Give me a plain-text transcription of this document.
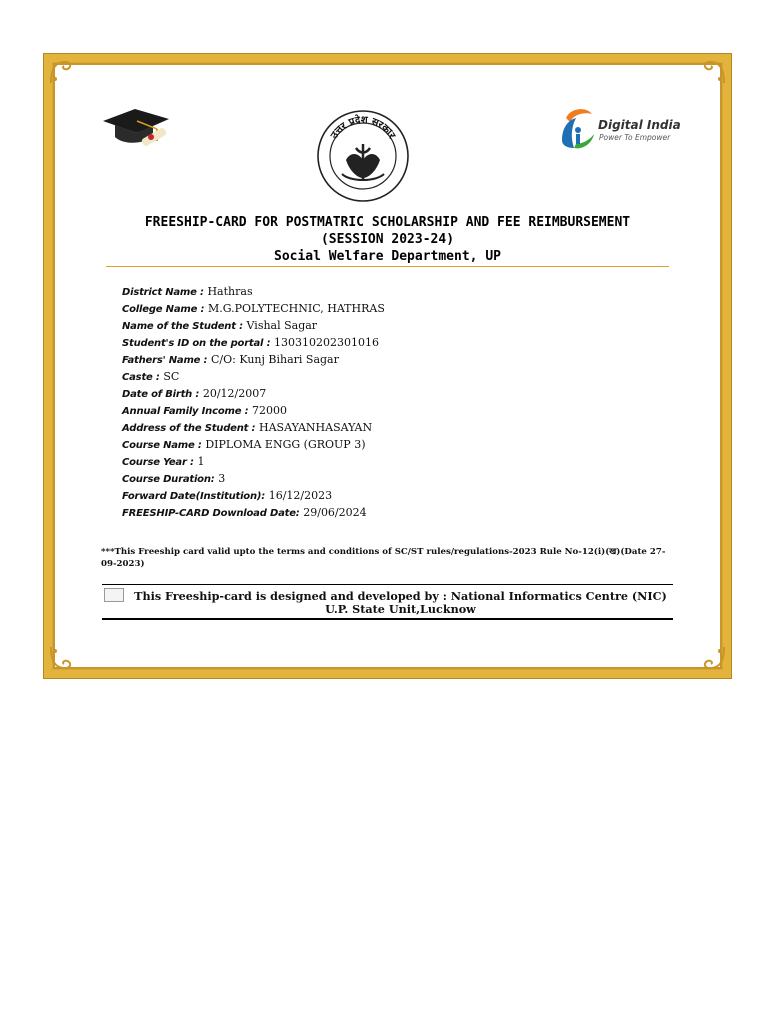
उत्तर प्रदेश सरकार
Digital India
Power To Empower
FREESHIP-CARD FOR POSTMATRIC SCHOLARSHIP AND FEE REIMBURSEMENT
(SESSION 2023-24)
Social Welfare Department, UP
District Name : Hathras
College Name : M.G.POLYTECHNIC, HATHRAS
Name of the Student : Vishal Sagar
Student's ID on the portal : 130310202301016
Fathers' Name : C/O: Kunj Bihari Sagar
Caste : SC
Date of Birth : 20/12/2007
Annual Family Income : 72000
Address of the Student : HASAYANHASAYAN
Course Name : DIPLOMA ENGG (GROUP 3)
Course Year : 1
Course Duration: 3
Forward Date(Institution): 16/12/2023
FREESHIP-CARD Download Date: 29/06/2024
***This Freeship card valid upto the terms and conditions of SC/ST rules/regulations-2023 Rule No-12(i)(ख)(Date 27-09-2023)
This Freeship-card is designed and developed by : National Informatics Centre (NIC) U.P. State Unit,Lucknow
